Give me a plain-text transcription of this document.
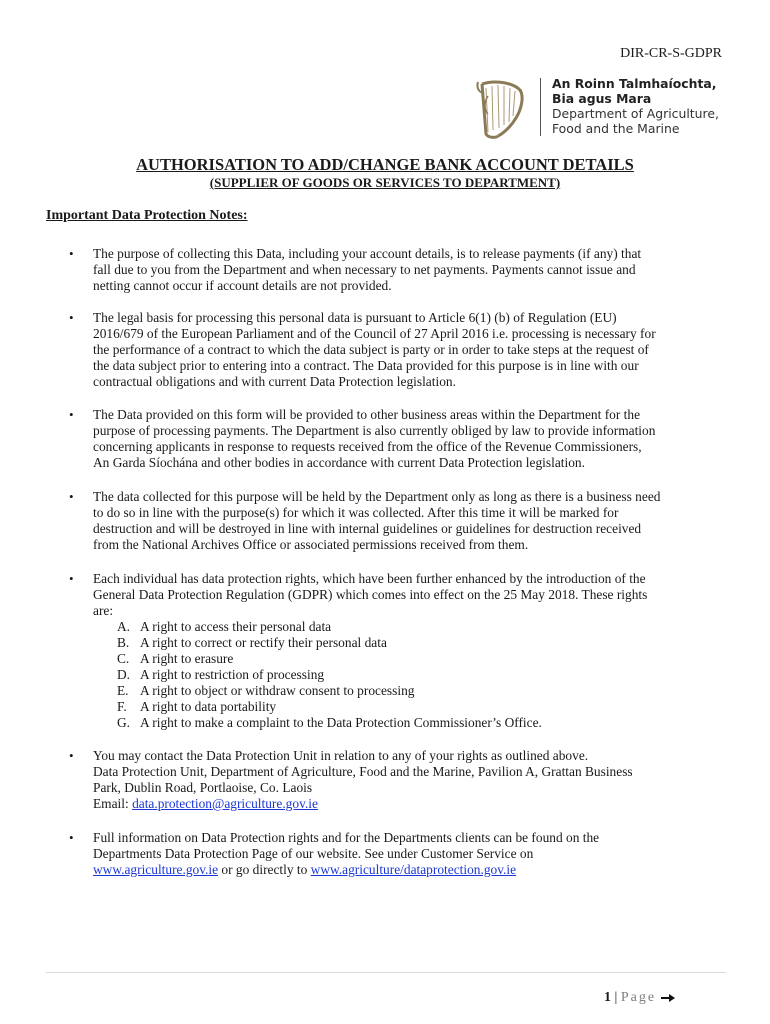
DIR-CR-S-GDPR
An Roinn Talmhaíochta,
Bia agus Mara
Department of Agriculture,
Food and the Marine
AUTHORISATION TO ADD/CHANGE BANK ACCOUNT DETAILS
(SUPPLIER OF GOODS OR SERVICES TO DEPARTMENT)
Important Data Protection Notes:
• The purpose of collecting this Data, including your account details, is to release payments (if any) that
fall due to you from the Department and when necessary to net payments. Payments cannot issue and
netting cannot occur if account details are not provided.
• The legal basis for processing this personal data is pursuant to Article 6(1) (b) of Regulation (EU)
2016/679 of the European Parliament and of the Council of 27 April 2016 i.e. processing is necessary for
the performance of a contract to which the data subject is party or in order to take steps at the request of
the data subject prior to entering into a contract. The Data provided for this purpose is in line with our
contractual obligations and with current Data Protection legislation.
• The Data provided on this form will be provided to other business areas within the Department for the
purpose of processing payments. The Department is also currently obliged by law to provide information
concerning applicants in response to requests received from the office of the Revenue Commissioners,
An Garda Síochána and other bodies in accordance with current Data Protection legislation.
• The data collected for this purpose will be held by the Department only as long as there is a business need
to do so in line with the purpose(s) for which it was collected. After this time it will be marked for
destruction and will be destroyed in line with internal guidelines or guidelines for destruction received
from the National Archives Office or associated permissions received from them.
• Each individual has data protection rights, which have been further enhanced by the introduction of the
General Data Protection Regulation (GDPR) which comes into effect on the 25 May 2018. These rights
are:
A. A right to access their personal data
B. A right to correct or rectify their personal data
C. A right to erasure
D. A right to restriction of processing
E. A right to object or withdraw consent to processing
F. A right to data portability
G. A right to make a complaint to the Data Protection Commissioner’s Office.
• You may contact the Data Protection Unit in relation to any of your rights as outlined above.
Data Protection Unit, Department of Agriculture, Food and the Marine, Pavilion A, Grattan Business
Park, Dublin Road, Portlaoise, Co. Laois
Email: data.protection@agriculture.gov.ie
• Full information on Data Protection rights and for the Departments clients can be found on the
Departments Data Protection Page of our website. See under Customer Service on
www.agriculture.gov.ie or go directly to www.agriculture/dataprotection.gov.ie
1 | Page
